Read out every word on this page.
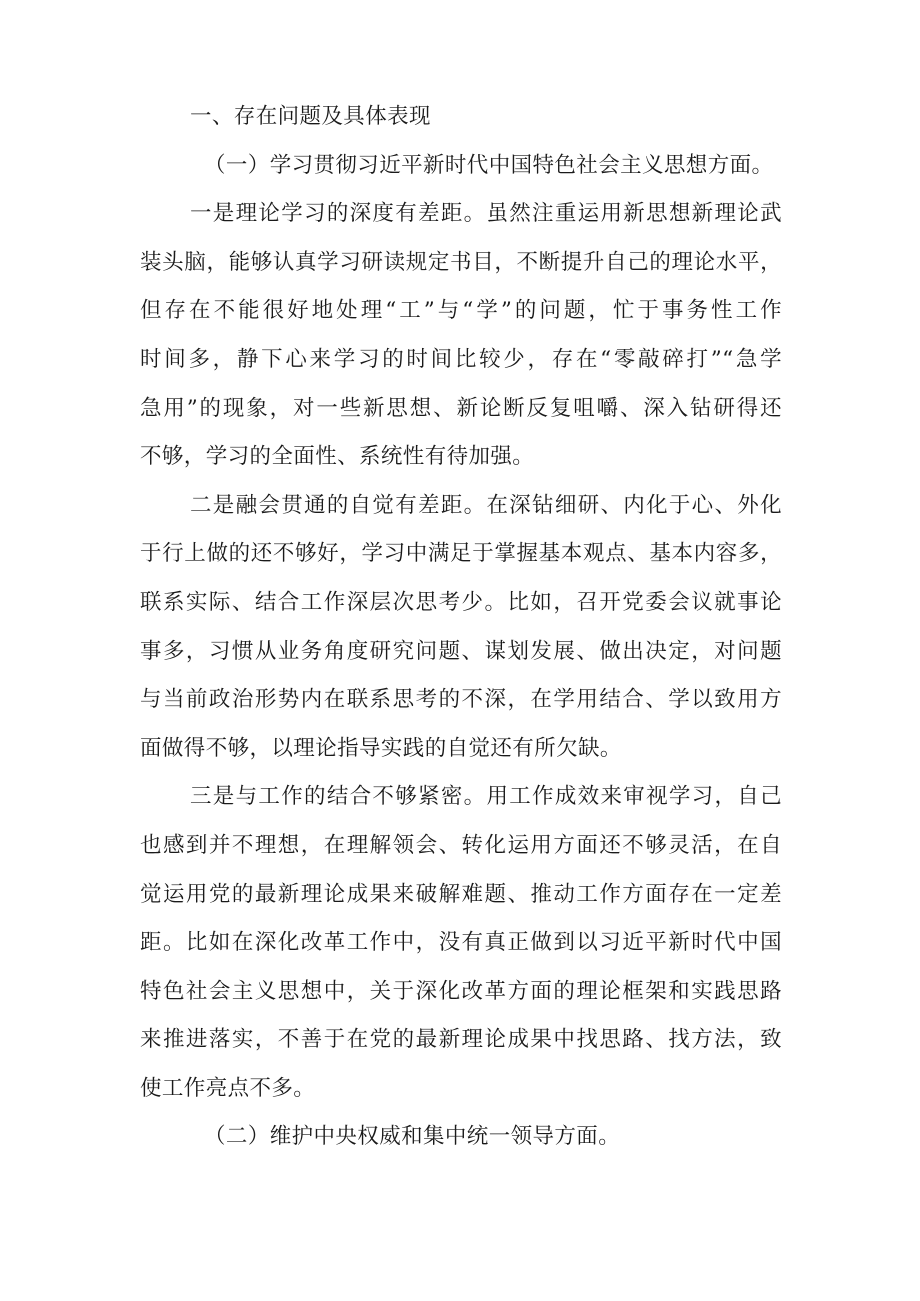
一、存在问题及具体表现

（一）学习贯彻习近平新时代中国特色社会主义思想方面。

一是理论学习的深度有差距。虽然注重运用新思想新理论武

装头脑，能够认真学习研读规定书目，不断提升自己的理论水平，

但存在不能很好地处理“工”与“学”的问题，忙于事务性工作

时间多，静下心来学习的时间比较少，存在“零敲碎打”“急学

急用”的现象，对一些新思想、新论断反复咀嚼、深入钻研得还

不够，学习的全面性、系统性有待加强。

二是融会贯通的自觉有差距。在深钻细研、内化于心、外化

于行上做的还不够好，学习中满足于掌握基本观点、基本内容多，

联系实际、结合工作深层次思考少。比如，召开党委会议就事论

事多，习惯从业务角度研究问题、谋划发展、做出决定，对问题

与当前政治形势内在联系思考的不深，在学用结合、学以致用方

面做得不够，以理论指导实践的自觉还有所欠缺。

三是与工作的结合不够紧密。用工作成效来审视学习，自己

也感到并不理想，在理解领会、转化运用方面还不够灵活，在自

觉运用党的最新理论成果来破解难题、推动工作方面存在一定差

距。比如在深化改革工作中，没有真正做到以习近平新时代中国

特色社会主义思想中，关于深化改革方面的理论框架和实践思路

来推进落实，不善于在党的最新理论成果中找思路、找方法，致

使工作亮点不多。

（二）维护中央权威和集中统一领导方面。
